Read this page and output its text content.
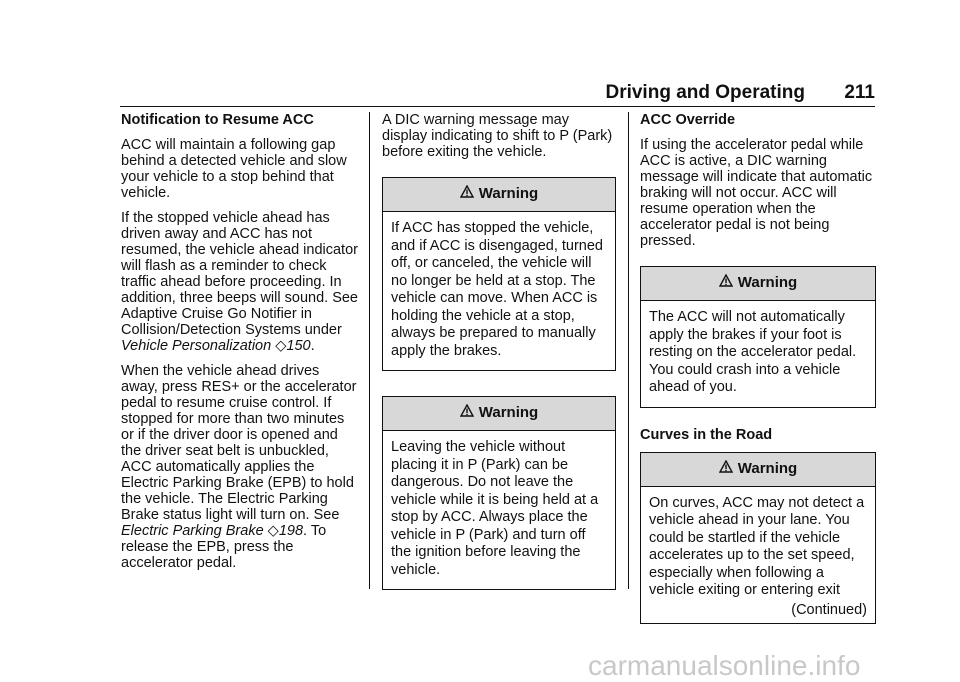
Driving and Operating 211
Notification to Resume ACC

ACC will maintain a following gap behind a detected vehicle and slow your vehicle to a stop behind that vehicle.

If the stopped vehicle ahead has driven away and ACC has not resumed, the vehicle ahead indicator will flash as a reminder to check traffic ahead before proceeding. In addition, three beeps will sound. See Adaptive Cruise Go Notifier in Collision/Detection Systems under Vehicle Personalization ◇150.

When the vehicle ahead drives away, press RES+ or the accelerator pedal to resume cruise control. If stopped for more than two minutes or if the driver door is opened and the driver seat belt is unbuckled, ACC automatically applies the Electric Parking Brake (EPB) to hold the vehicle. The Electric Parking Brake status light will turn on. See Electric Parking Brake ◇198. To release the EPB, press the accelerator pedal.

A DIC warning message may display indicating to shift to P (Park) before exiting the vehicle.

Warning
If ACC has stopped the vehicle, and if ACC is disengaged, turned off, or canceled, the vehicle will no longer be held at a stop. The vehicle can move. When ACC is holding the vehicle at a stop, always be prepared to manually apply the brakes.
Warning
Leaving the vehicle without placing it in P (Park) can be dangerous. Do not leave the vehicle while it is being held at a stop by ACC. Always place the vehicle in P (Park) and turn off the ignition before leaving the vehicle.
ACC Override

If using the accelerator pedal while ACC is active, a DIC warning message will indicate that automatic braking will not occur. ACC will resume operation when the accelerator pedal is not being pressed.

Warning
The ACC will not automatically apply the brakes if your foot is resting on the accelerator pedal. You could crash into a vehicle ahead of you.
Curves in the Road
Warning
On curves, ACC may not detect a vehicle ahead in your lane. You could be startled if the vehicle accelerates up to the set speed, especially when following a vehicle exiting or entering exit
(Continued)
carmanualsonline.info
